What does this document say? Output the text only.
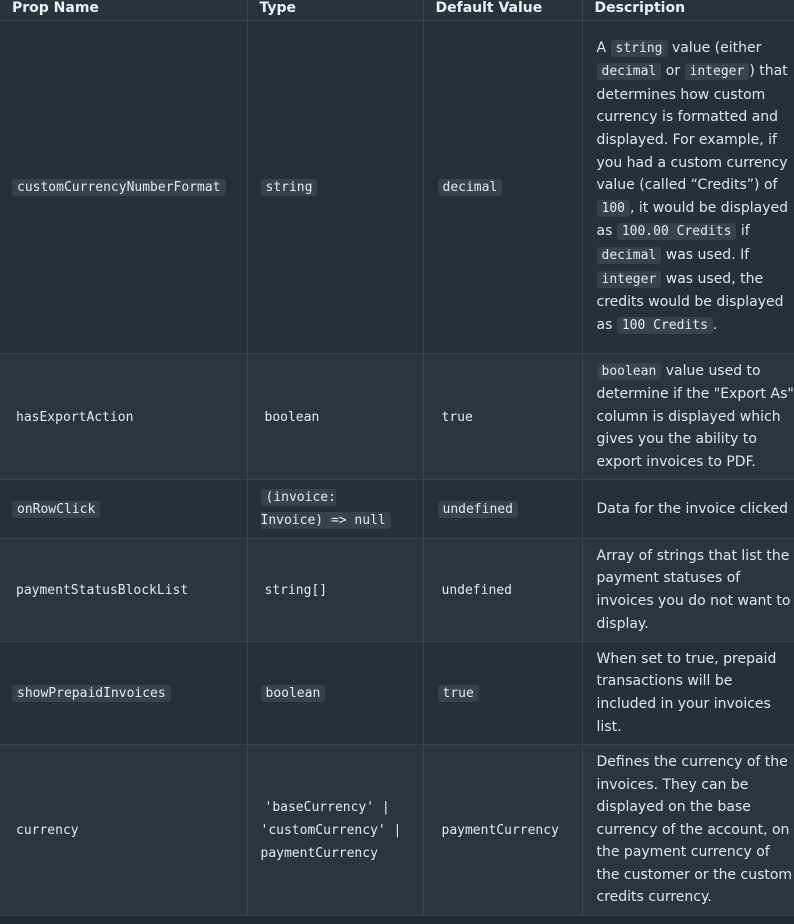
Prop Name	Type	Default Value	Description
customCurrencyNumberFormat	string	decimal	A string value (either decimal or integer ) that determines how custom currency is formatted and displayed. For example, if you had a custom currency value (called “Credits”) of 100 , it would be displayed as 100.00 Credits if decimal was used. If integer was used, the credits would be displayed as 100 Credits .
hasExportAction	boolean	true	boolean value used to determine if the "Export As" column is displayed which gives you the ability to export invoices to PDF.
onRowClick	(invoice: Invoice) => null	undefined	Data for the invoice clicked
paymentStatusBlockList	string[]	undefined	Array of strings that list the payment statuses of invoices you do not want to display.
showPrepaidInvoices	boolean	true	When set to true, prepaid transactions will be included in your invoices list.
currency	'baseCurrency' | 'customCurrency' | paymentCurrency	paymentCurrency	Defines the currency of the invoices. They can be displayed on the base currency of the account, on the payment currency of the customer or the custom credits currency.
